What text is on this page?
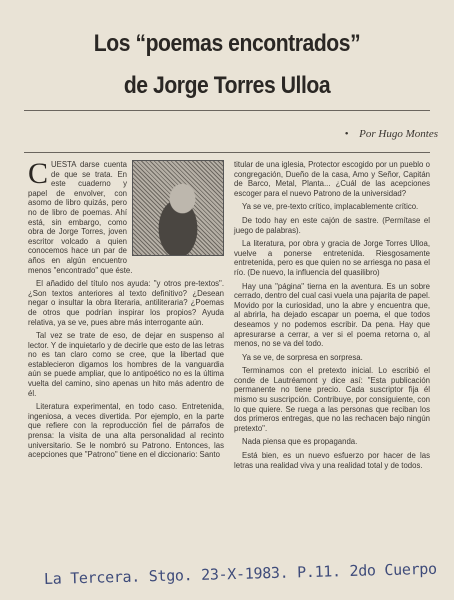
Los “poemas encontrados”
de Jorge Torres Ulloa
• Por Hugo Montes

CUESTA darse cuenta de que se trata. En este cuaderno y papel de envolver, con asomo de libro quizás, pero no de libro de poemas. Ahí está, sin embargo, como obra de Jorge Torres, joven escritor volcado a quien conocemos hace un par de años en algún encuentro menos "encontrado" que éste.

El añadido del título nos ayuda: "y otros pre-textos". ¿Son textos anteriores al texto definitivo? ¿Desean negar o insultar la obra literaria, antiliteraria? ¿Poemas de otros que podrían inspirar los propios? Ayuda relativa, ya se ve, pues abre más interrogante aún.

Tal vez se trate de eso, de dejar en suspenso al lector. Y de inquietarlo y de decirle que esto de las letras no es tan claro como se cree, que la libertad que establecieron digamos los hombres de la vanguardia aún se puede ampliar, que lo antipoético no es la última vuelta del camino, sino apenas un hito más adentro de él.

Literatura experimental, en todo caso. Entretenida, ingeniosa, a veces divertida. Por ejemplo, en la parte que refiere con la reproducción fiel de párrafos de prensa: la visita de una alta personalidad al recinto universitario. Se le nombró su Patrono. Entonces, las acepciones que "Patrono" tiene en el diccionario: Santo

titular de una iglesia, Protector escogido por un pueblo o congregación, Dueño de la casa, Amo y Señor, Capitán de Barco, Metal, Planta... ¿Cuál de las acepciones escoger para el nuevo Patrono de la universidad?

Ya se ve, pre-texto crítico, implacablemente crítico.

De todo hay en este cajón de sastre. (Permítase el juego de palabras).

La literatura, por obra y gracia de Jorge Torres Ulloa, vuelve a ponerse entretenida. Riesgosamente entretenida, pero es que quien no se arriesga no pasa el río. (De nuevo, la influencia del quasilibro)

Hay una "página" tierna en la aventura. Es un sobre cerrado, dentro del cual casi vuela una pajarita de papel. Movido por la curiosidad, uno la abre y encuentra que, al abrirla, ha dejado escapar un poema, el que todos deseamos y no podemos escribir. Da pena. Hay que apresurarse a cerrar, a ver si el poema retorna o, al menos, no se va del todo.

Ya se ve, de sorpresa en sorpresa.

Terminamos con el pretexto inicial. Lo escribió el conde de Lautréamont y dice así: "Esta publicación permanente no tiene precio. Cada suscriptor fija él mismo su suscripción. Contribuye, por consiguiente, con lo que quiere. Se ruega a las personas que reciban los dos primeros entregas, que no las rechacen bajo ningún pretexto".

Nada piensa que es propaganda.

Está bien, es un nuevo esfuerzo por hacer de las letras una realidad viva y una realidad total y de todos.

La Tercera. Stgo. 23-X-1983. P.11. 2do Cuerpo
